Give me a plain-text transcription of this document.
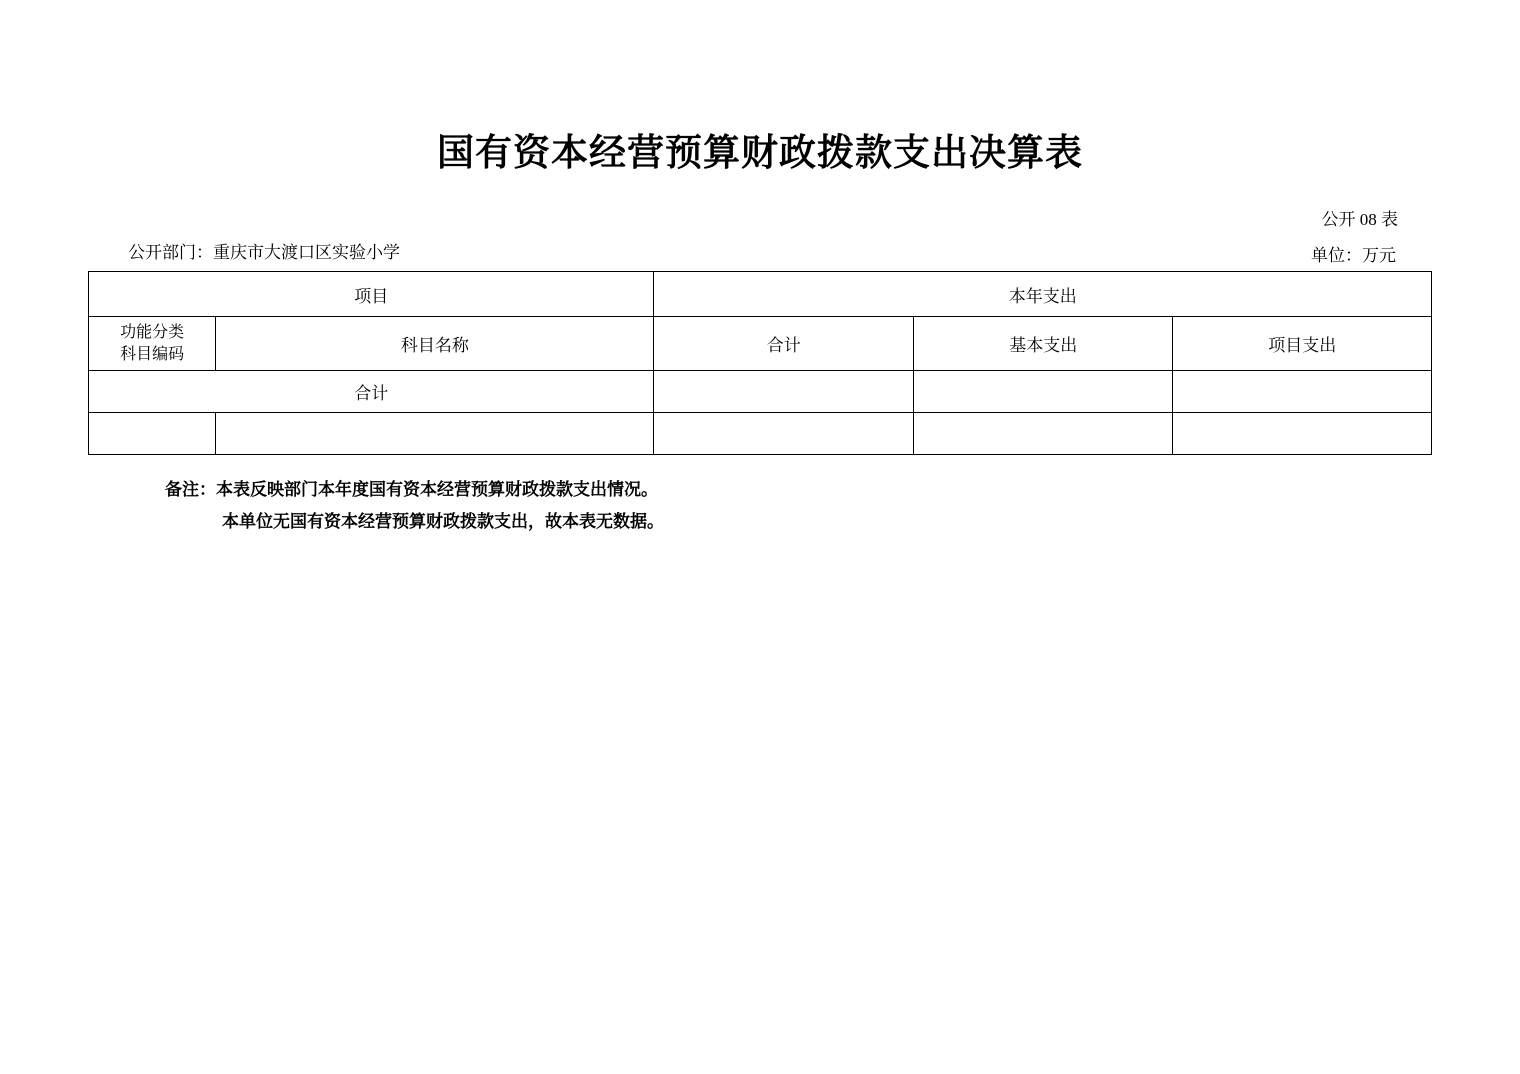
国有资本经营预算财政拨款支出决算表
公开 08 表
公开部门：重庆市大渡口区实验小学	单位：万元
项目		本年支出		

功能分类
科目编码	科目名称	合计	基本支出	项目支出
合计				

备注：本表反映部门本年度国有资本经营预算财政拨款支出情况。
本单位无国有资本经营预算财政拨款支出，故本表无数据。
